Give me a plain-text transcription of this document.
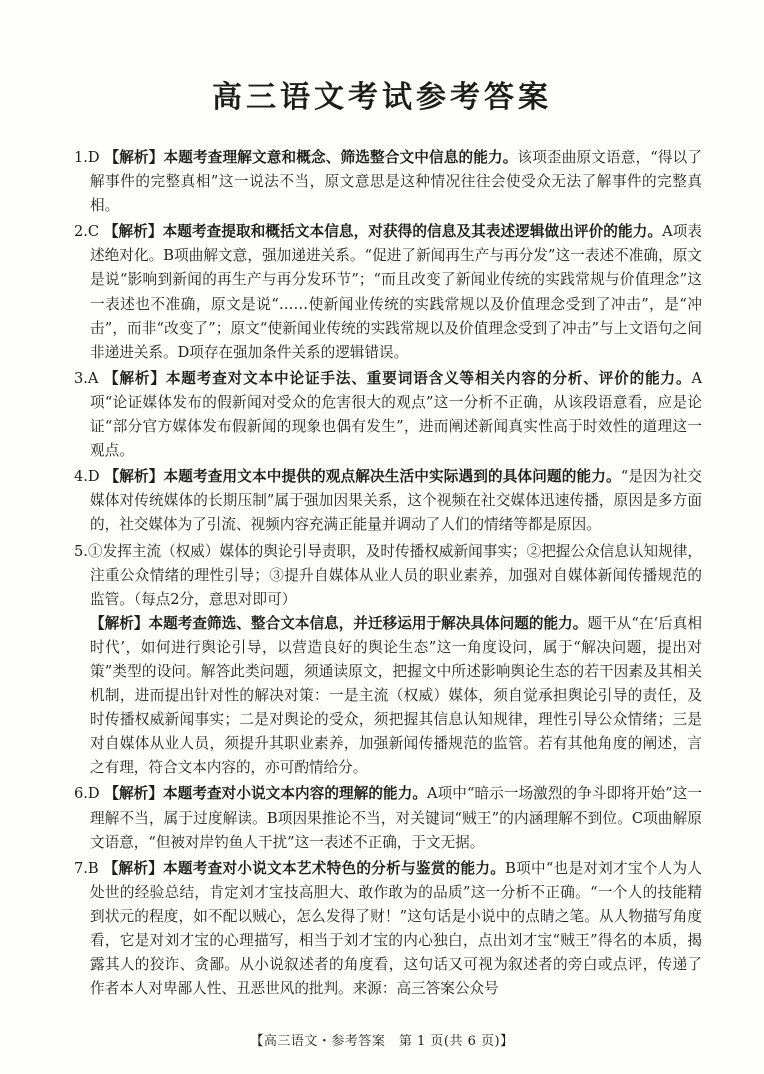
高三语文考试参考答案

1.D 【解析】本题考查理解文意和概念、筛选整合文中信息的能力。该项歪曲原文语意，“得以了解事件的完整真相”这一说法不当，原文意思是这种情况往往会使受众无法了解事件的完整真相。

2.C 【解析】本题考查提取和概括文本信息，对获得的信息及其表述逻辑做出评价的能力。A项表述绝对化。B项曲解文意，强加递进关系。“促进了新闻再生产与再分发”这一表述不准确，原文是说“影响到新闻的再生产与再分发环节”；“而且改变了新闻业传统的实践常规与价值理念”这一表述也不准确，原文是说“……使新闻业传统的实践常规以及价值理念受到了冲击”，是“冲击”，而非“改变了”；原文“使新闻业传统的实践常规以及价值理念受到了冲击”与上文语句之间非递进关系。D项存在强加条件关系的逻辑错误。

3.A 【解析】本题考查对文本中论证手法、重要词语含义等相关内容的分析、评价的能力。A项“论证媒体发布的假新闻对受众的危害很大的观点”这一分析不正确，从该段语意看，应是论证“部分官方媒体发布假新闻的现象也偶有发生”，进而阐述新闻真实性高于时效性的道理这一观点。

4.D 【解析】本题考查用文本中提供的观点解决生活中实际遇到的具体问题的能力。“是因为社交媒体对传统媒体的长期压制”属于强加因果关系，这个视频在社交媒体迅速传播，原因是多方面的，社交媒体为了引流、视频内容充满正能量并调动了人们的情绪等都是原因。

5.①发挥主流（权威）媒体的舆论引导责职，及时传播权威新闻事实；②把握公众信息认知规律，注重公众情绪的理性引导；③提升自媒体从业人员的职业素养，加强对自媒体新闻传播规范的监管。（每点2分，意思对即可）

【解析】本题考查筛选、整合文本信息，并迁移运用于解决具体问题的能力。题干从“在‘后真相时代’，如何进行舆论引导，以营造良好的舆论生态”这一角度设问，属于“解决问题，提出对策”类型的设问。解答此类问题，须通读原文，把握文中所述影响舆论生态的若干因素及其相关机制，进而提出针对性的解决对策：一是主流（权威）媒体，须自觉承担舆论引导的责任，及时传播权威新闻事实；二是对舆论的受众，须把握其信息认知规律，理性引导公众情绪；三是对自媒体从业人员，须提升其职业素养，加强新闻传播规范的监管。若有其他角度的阐述，言之有理，符合文本内容的，亦可酌情给分。

6.D 【解析】本题考查对小说文本内容的理解的能力。A项中“暗示一场激烈的争斗即将开始”这一理解不当，属于过度解读。B项因果推论不当，对关键词“贼王”的内涵理解不到位。C项曲解原文语意，“但被对岸钓鱼人干扰”这一表述不正确，于文无据。

7.B 【解析】本题考查对小说文本艺术特色的分析与鉴赏的能力。B项中“也是对刘才宝个人为人处世的经验总结，肯定刘才宝技高胆大、敢作敢为的品质”这一分析不正确。“一个人的技能精到状元的程度，如不配以贼心，怎么发得了财！”这句话是小说中的点睛之笔。从人物描写角度看，它是对刘才宝的心理描写，相当于刘才宝的内心独白，点出刘才宝“贼王”得名的本质，揭露其人的狡诈、贪鄙。从小说叙述者的角度看，这句话又可视为叙述者的旁白或点评，传递了作者本人对卑鄙人性、丑恶世风的批判。来源：高三答案公众号

【高三语文・参考答案　第 1 页(共 6 页)】
